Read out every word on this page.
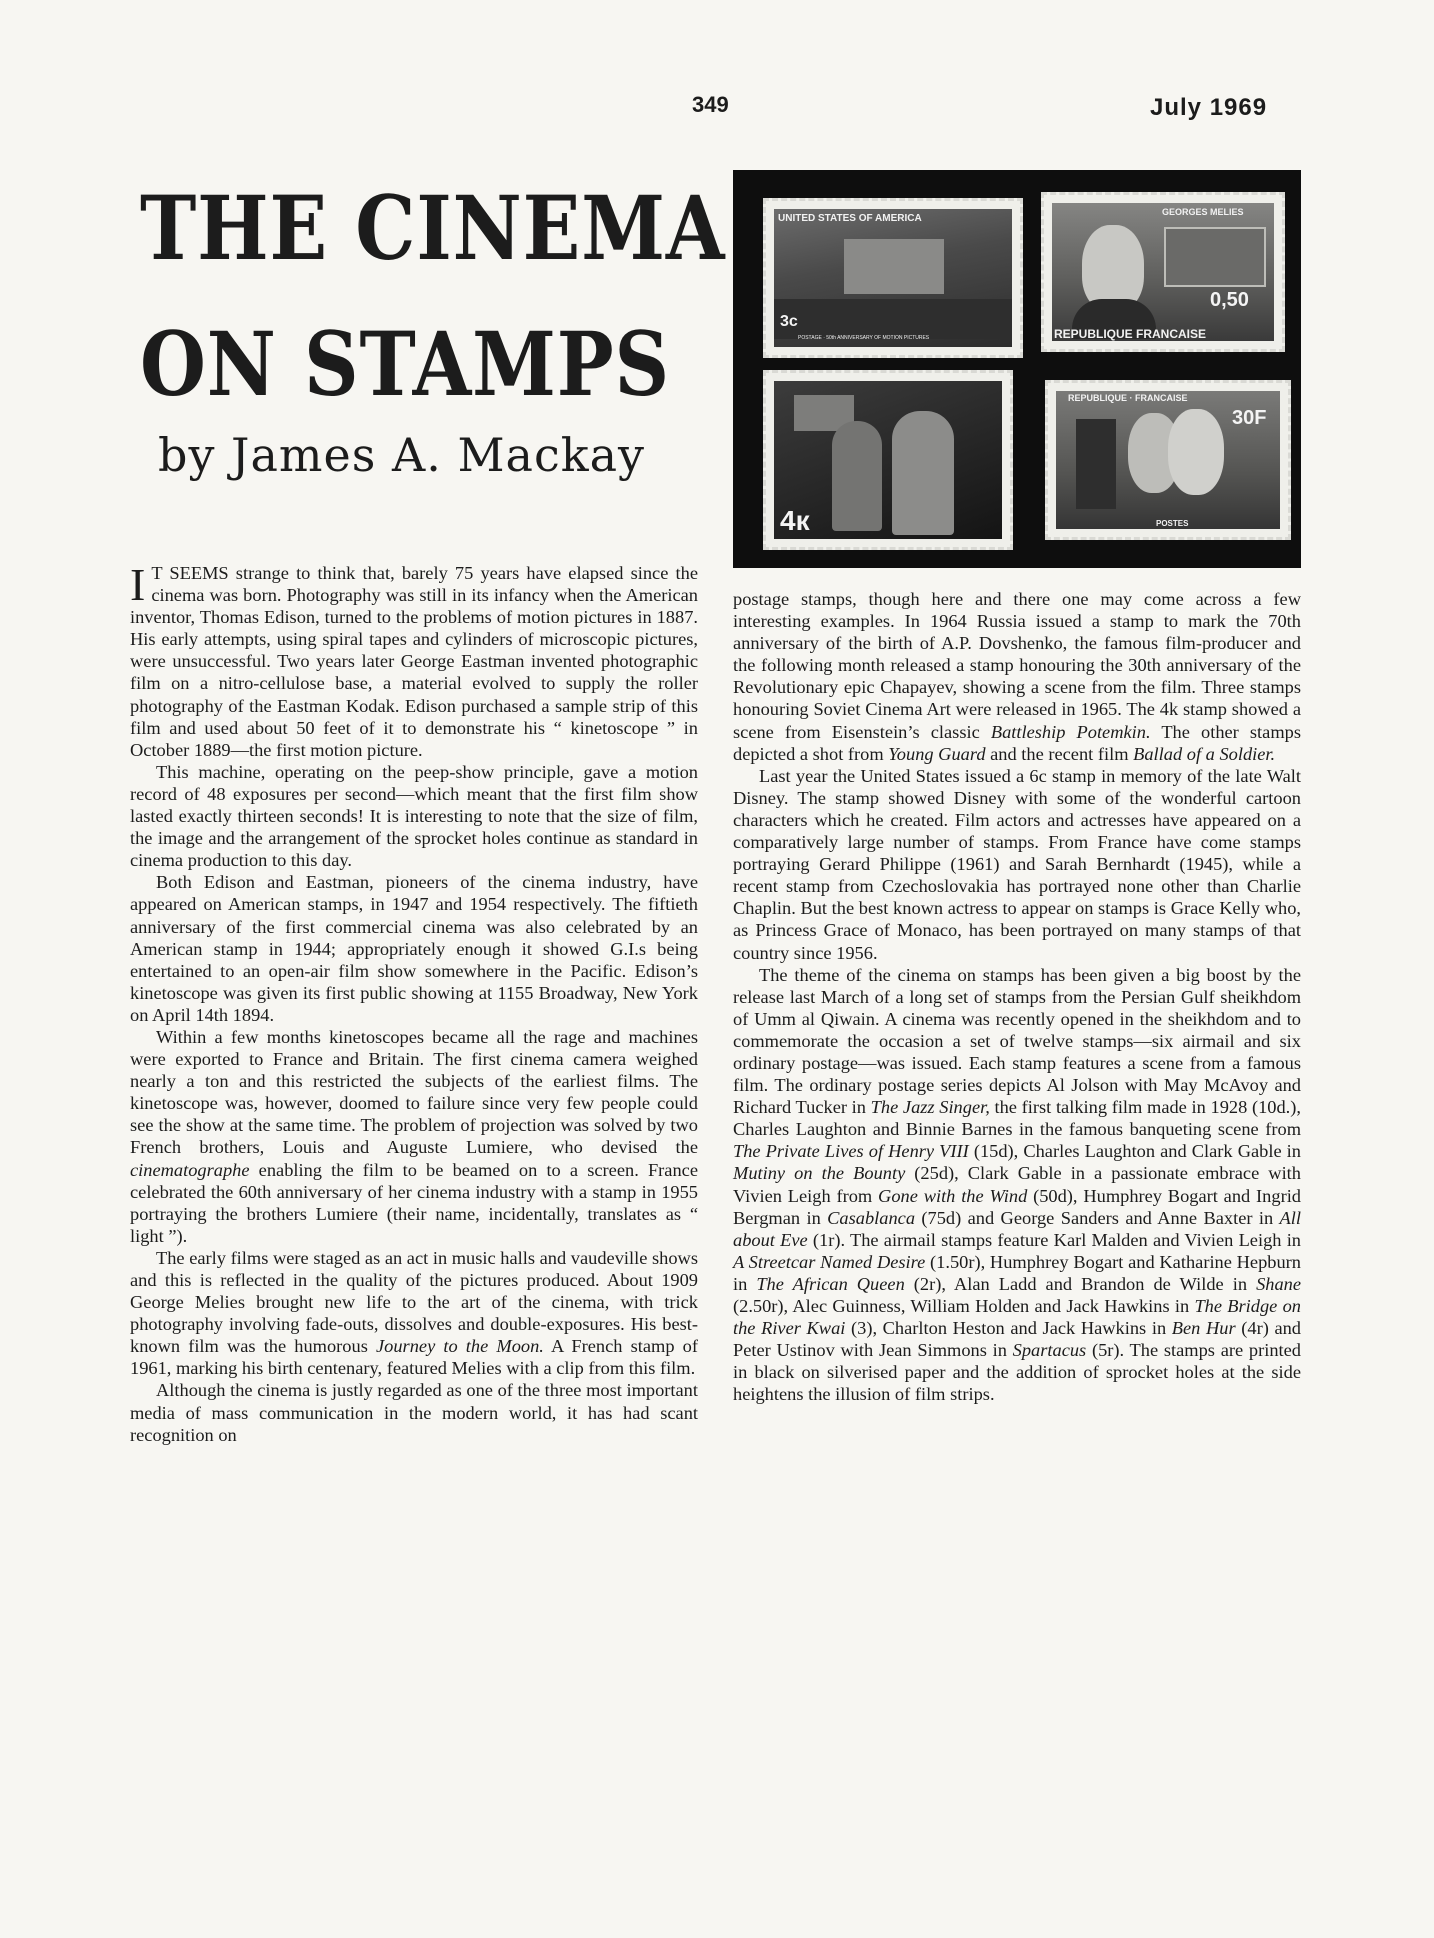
349	July 1969
THE CINEMA
ON STAMPS
by James A. Mackay
UNITED STATES OF AMERICA
3c
POSTAGE · 50th ANNIVERSARY OF MOTION PICTURES
GEORGES MELIES
0,50
REPUBLIQUE FRANCAISE
4к
REPUBLIQUE · FRANCAISE
30F
POSTES

I T SEEMS strange to think that, barely 75 years have elapsed since the cinema was born. Photography was still in its infancy when the American inventor, Thomas Edison, turned to the problems of motion pictures in 1887. His early attempts, using spiral tapes and cylinders of microscopic pictures, were unsuccessful. Two years later George Eastman invented photographic film on a nitro-cellulose base, a material evolved to supply the roller photography of the Eastman Kodak. Edison purchased a sample strip of this film and used about 50 feet of it to demonstrate his “ kinetoscope ” in October 1889—the first motion picture.

This machine, operating on the peep-show principle, gave a motion record of 48 exposures per second—which meant that the first film show lasted exactly thirteen seconds! It is interesting to note that the size of film, the image and the arrangement of the sprocket holes continue as standard in cinema production to this day.

Both Edison and Eastman, pioneers of the cinema industry, have appeared on American stamps, in 1947 and 1954 respectively. The fiftieth anniversary of the first commercial cinema was also celebrated by an American stamp in 1944; appropriately enough it showed G.I.s being entertained to an open-air film show somewhere in the Pacific. Edison’s kinetoscope was given its first public showing at 1155 Broadway, New York on April 14th 1894.

Within a few months kinetoscopes became all the rage and machines were exported to France and Britain. The first cinema camera weighed nearly a ton and this restricted the subjects of the earliest films. The kinetoscope was, however, doomed to failure since very few people could see the show at the same time. The problem of projection was solved by two French brothers, Louis and Auguste Lumiere, who devised the cinematographe enabling the film to be beamed on to a screen. France celebrated the 60th anniversary of her cinema industry with a stamp in 1955 portraying the brothers Lumiere (their name, incidentally, translates as “ light ”).

The early films were staged as an act in music halls and vaudeville shows and this is reflected in the quality of the pictures produced. About 1909 George Melies brought new life to the art of the cinema, with trick photography involving fade-outs, dissolves and double-exposures. His best-known film was the humorous Journey to the Moon. A French stamp of 1961, marking his birth centenary, featured Melies with a clip from this film.

Although the cinema is justly regarded as one of the three most important media of mass communication in the modern world, it has had scant recognition on

postage stamps, though here and there one may come across a few interesting examples. In 1964 Russia issued a stamp to mark the 70th anniversary of the birth of A.P. Dovshenko, the famous film-producer and the following month released a stamp honouring the 30th anniversary of the Revolutionary epic Chapayev, showing a scene from the film. Three stamps honouring Soviet Cinema Art were released in 1965. The 4k stamp showed a scene from Eisenstein’s classic Battleship Potemkin. The other stamps depicted a shot from Young Guard and the recent film Ballad of a Soldier.

Last year the United States issued a 6c stamp in memory of the late Walt Disney. The stamp showed Disney with some of the wonderful cartoon characters which he created. Film actors and actresses have appeared on a comparatively large number of stamps. From France have come stamps portraying Gerard Philippe (1961) and Sarah Bernhardt (1945), while a recent stamp from Czechoslovakia has portrayed none other than Charlie Chaplin. But the best known actress to appear on stamps is Grace Kelly who, as Princess Grace of Monaco, has been portrayed on many stamps of that country since 1956.

The theme of the cinema on stamps has been given a big boost by the release last March of a long set of stamps from the Persian Gulf sheikhdom of Umm al Qiwain. A cinema was recently opened in the sheikhdom and to commemorate the occasion a set of twelve stamps—six airmail and six ordinary postage—was issued. Each stamp features a scene from a famous film. The ordinary postage series depicts Al Jolson with May McAvoy and Richard Tucker in The Jazz Singer, the first talking film made in 1928 (10d.), Charles Laughton and Binnie Barnes in the famous banqueting scene from The Private Lives of Henry VIII (15d), Charles Laughton and Clark Gable in Mutiny on the Bounty (25d), Clark Gable in a passionate embrace with Vivien Leigh from Gone with the Wind (50d), Humphrey Bogart and Ingrid Bergman in Casablanca (75d) and George Sanders and Anne Baxter in All about Eve (1r). The airmail stamps feature Karl Malden and Vivien Leigh in A Streetcar Named Desire (1.50r), Humphrey Bogart and Katharine Hepburn in The African Queen (2r), Alan Ladd and Brandon de Wilde in Shane (2.50r), Alec Guinness, William Holden and Jack Hawkins in The Bridge on the River Kwai (3), Charlton Heston and Jack Hawkins in Ben Hur (4r) and Peter Ustinov with Jean Simmons in Spartacus (5r). The stamps are printed in black on silverised paper and the addition of sprocket holes at the side heightens the illusion of film strips.
